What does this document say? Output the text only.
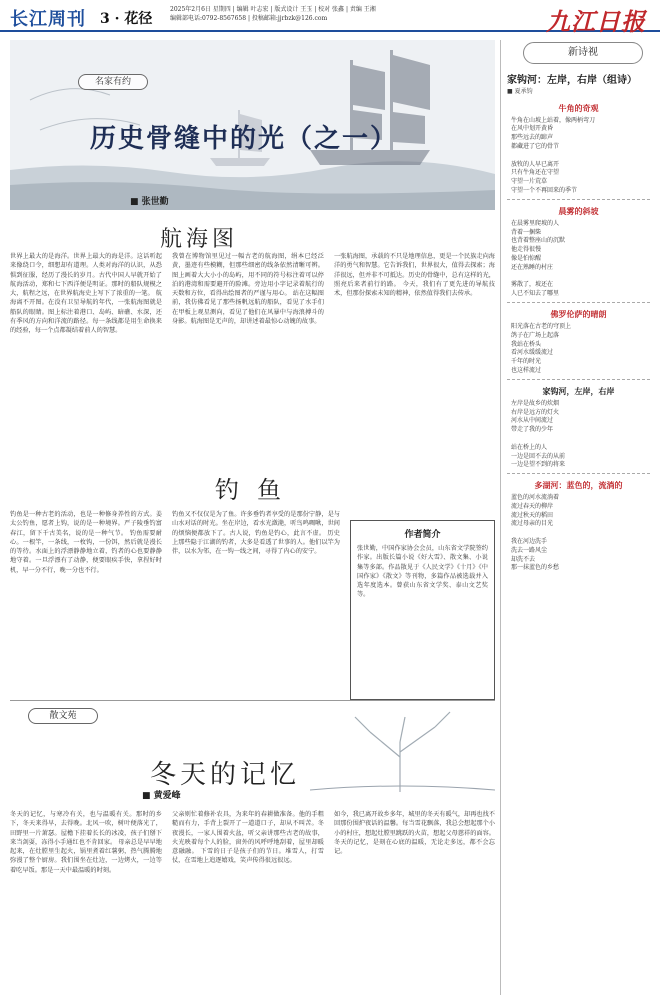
长江周刊 3 · 花径
2025年2月6日 星期四 | 编辑 叶志宏 | 版式设计 王玉 | 校对 张鑫 | 责编 王湘
编辑部电话:0792-8567658 | 投稿邮箱:jjrbzk@126.com	九江日报
名家有约
历史骨缝中的光（之一）
■ 张世勤
航海图
世界上最大的是海洋。世界上最大的海是洋。这话听起来像绕口令，细想却有道理。人类对海洋的认识，从恐惧到征服，经历了漫长的岁月。古代中国人早就开始了航海活动，郑和七下西洋便是明证。那时的船队规模之大，航程之远，在世界航海史上写下了浓重的一笔。 航海离不开图。在没有卫星导航的年代，一张航海图就是船队的眼睛。图上标注着港口、岛屿、暗礁、水深，还有季风的方向和洋流的路径。每一条线都是用生命换来的经验，每一个点都凝结着前人的智慧。
我曾在博物馆里见过一幅古老的航海图，绢本已经泛黄，墨迹有些模糊，但那些细密的线条依然清晰可辨。图上画着大大小小的岛屿，用不同的符号标注着可以停泊的港湾和需要避开的险滩。旁边用小字记录着航行的天数和方位，看得出绘图者的严谨与用心。 站在这幅图前，我仿佛看见了那些扬帆远航的船队，看见了水手们在甲板上观星测向，看见了他们在风暴中与海浪搏斗的身影。航海图是无声的，却讲述着最惊心动魄的故事。
一张航海图，承载的不只是地理信息，更是一个民族走向海洋的勇气和智慧。它告诉我们，世界很大，值得去探索；海洋很远，但并非不可抵达。历史的骨缝中，总有这样的光，照亮后来者前行的路。 今天，我们有了更先进的导航技术，但那份探索未知的精神，依然值得我们去传承。
钓鱼
钓鱼是一种古老的活动，也是一种修身养性的方式。姜太公钓鱼，愿者上钩，说的是一种境界。严子陵垂钓富春江，留下千古美名，说的是一种气节。 钓鱼需要耐心。一根竿，一条线，一枚钩，一份饵，然后就是漫长的等待。水面上的浮漂静静地立着，钓者的心也要静静地守着。一旦浮漂有了动静，便要眼疾手快，拿捏好时机，早一分不行，晚一分也不行。
钓鱼又不仅仅是为了鱼。许多垂钓者享受的是那份宁静，是与山水对话的时光。坐在岸边，看水光潋滟，听鸟鸣啁啾，世间的烦恼便都放下了。古人说，钓鱼是钓心，此言不虚。 历史上那些隐于江湖的钓者，大多是看透了世事的人。他们以竿为伴，以水为邻，在一钩一线之间，寻得了内心的安宁。
作者简介
张世勤，中国作家协会会员，山东省文学院签约作家。出版长篇小说《好大雪》、散文集、小说集等多部。作品散见于《人民文学》《十月》《中国作家》《散文》等刊物，多篇作品被选载并入选年度选本。曾获山东省文学奖、泰山文艺奖等。
散文苑
冬天的记忆
■ 黄爱峰
冬天的记忆，与寒冷有关，也与温暖有关。那时的乡下，冬天来得早，去得晚。北风一吹，树叶便落光了，田野里一片萧瑟。屋檐下挂着长长的冰凌，孩子们掰下来当剑耍，冻得小手通红也不肯回家。 母亲总是早早地起来，在灶膛里生起火，锅里煮着红薯粥，热气腾腾地弥漫了整个厨房。我们围坐在灶边，一边烤火，一边等着吃早饭。那是一天中最温暖的时刻。
父亲则忙着修补农具，为来年的春耕做准备。他的手粗糙而有力，手背上裂开了一道道口子，却从不叫苦。冬夜漫长，一家人围着火盆，听父亲讲那些古老的故事，火光映着每个人的脸，窗外的风呼呼地刮着，屋里却暖意融融。 下雪的日子是孩子们的节日。堆雪人，打雪仗，在雪地上追逐嬉戏，笑声传得很远很远。
如今，我已离开故乡多年，城里的冬天有暖气，却再也找不回那份围炉夜话的温馨。每当雪花飘落，我总会想起那个小小的村庄，想起灶膛里跳跃的火苗，想起父母慈祥的面容。 冬天的记忆，是刻在心底的温暖，无论走多远，都不会忘记。
新诗视
家钩河：左岸，右岸（组诗）
■ 夏承钧
牛角的奇观
牛角在山坡上站着，像两柄弯刀
在风中划开黄昏
那些远去的蹄声
都藏进了它的骨节

放牧的人早已离开
只有牛角还在守望
守望一片荒草
守望一个不再回来的季节
晨雾的斜坡
在晨雾里爬坡的人
背着一捆柴
也背着整座山的沉默
他走得很慢
像是怕惊醒
还在熟睡的村庄

雾散了，坡还在
人已不知去了哪里
佛罗伦萨的晴朗
阳光落在古老的穹顶上
鸽子在广场上起落
我站在桥头
看河水缓缓流过
千年的时光
也这样流过
家钩河，左岸，右岸
左岸是故乡的炊烟
右岸是远方的灯火
河水从中间流过
带走了我的少年

站在桥上的人
一边是回不去的从前
一边是望不到的将来
多湖河：蓝色的，流淌的
蓝色的河水流淌着
流过春天的柳岸
流过秋天的稻田
流过母亲的目光

我在河边洗手
洗去一路风尘
却洗不去
那一抹蓝色的乡愁
